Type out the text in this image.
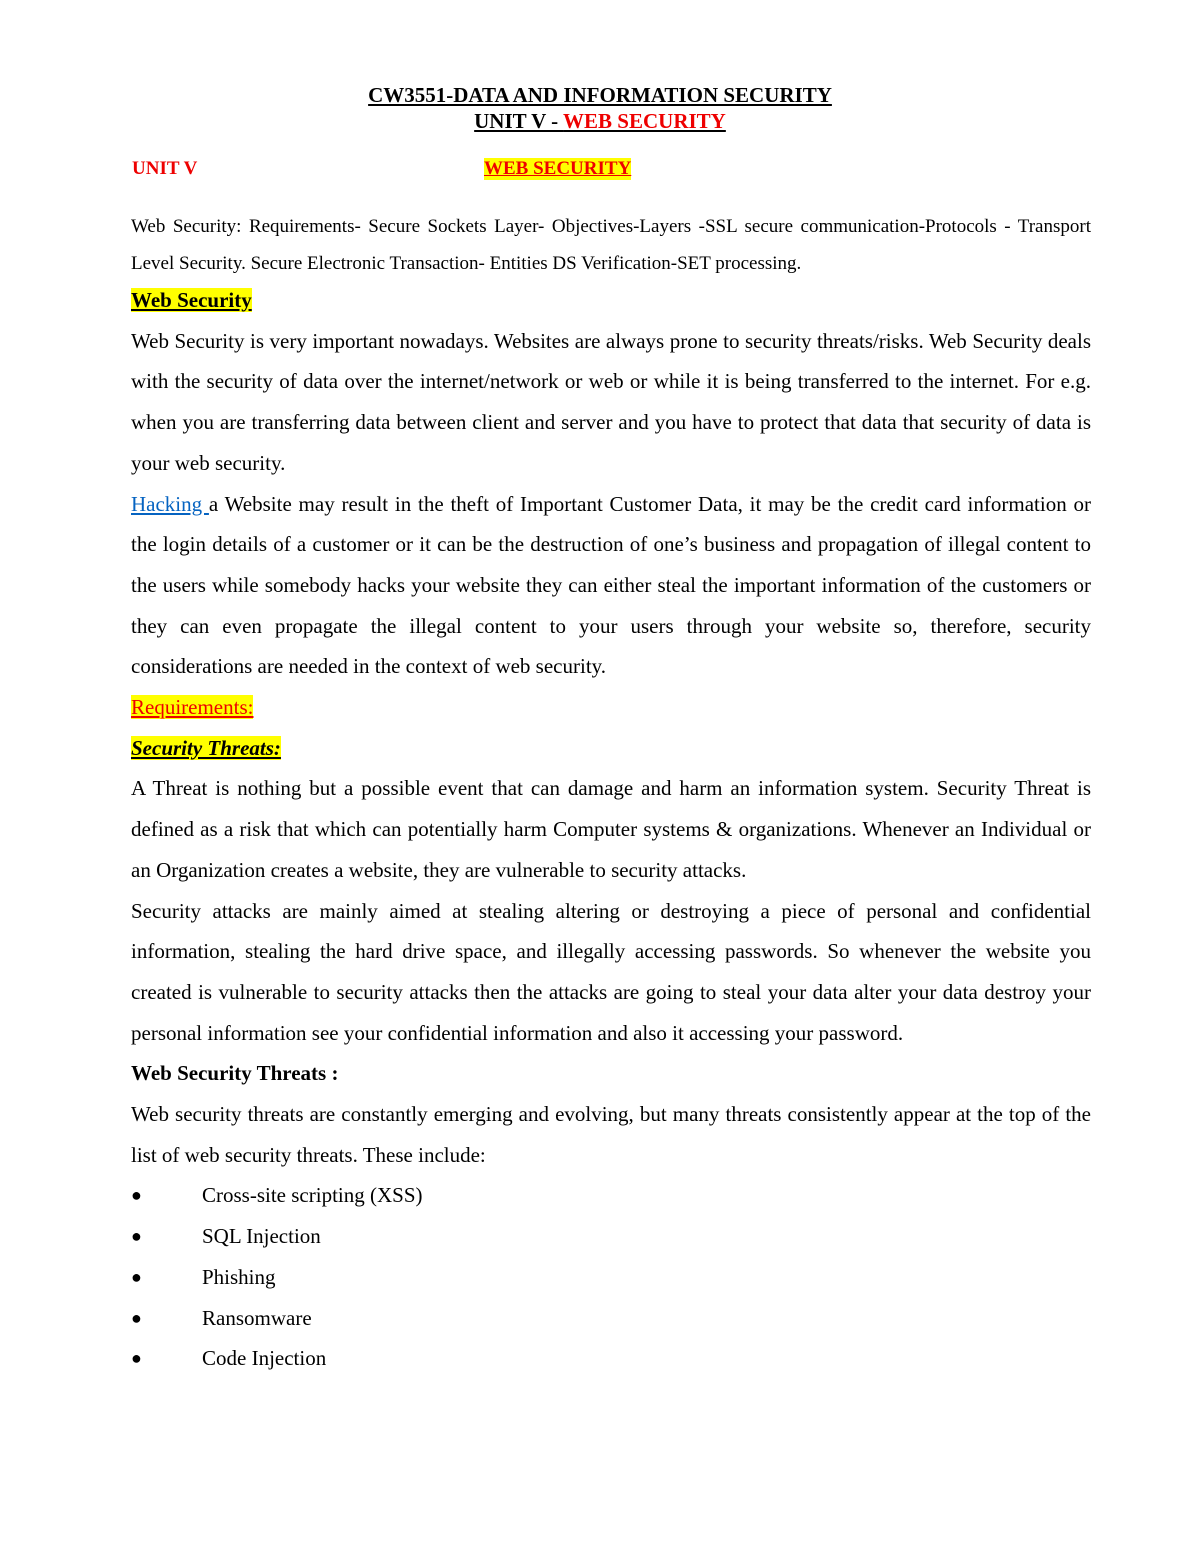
CW3551-DATA AND INFORMATION SECURITY
UNIT V - WEB SECURITY
UNIT V	WEB SECURITY
Web Security: Requirements- Secure Sockets Layer- Objectives-Layers -SSL secure communication-Protocols - Transport Level Security. Secure Electronic Transaction- Entities DS Verification-SET processing.

Web Security

Web Security is very important nowadays. Websites are always prone to security threats/risks. Web Security deals with the security of data over the internet/network or web or while it is being transferred to the internet. For e.g. when you are transferring data between client and server and you have to protect that data that security of data is your web security.

Hacking a Website may result in the theft of Important Customer Data, it may be the credit card information or the login details of a customer or it can be the destruction of one’s business and propagation of illegal content to the users while somebody hacks your website they can either steal the important information of the customers or they can even propagate the illegal content to your users through your website so, therefore, security considerations are needed in the context of web security.

Requirements:

Security Threats:

A Threat is nothing but a possible event that can damage and harm an information system. Security Threat is defined as a risk that which can potentially harm Computer systems & organizations. Whenever an Individual or an Organization creates a website, they are vulnerable to security attacks.

Security attacks are mainly aimed at stealing altering or destroying a piece of personal and confidential information, stealing the hard drive space, and illegally accessing passwords. So whenever the website you created is vulnerable to security attacks then the attacks are going to steal your data alter your data destroy your personal information see your confidential information and also it accessing your password.

Web Security Threats :

Web security threats are constantly emerging and evolving, but many threats consistently appear at the top of the list of web security threats. These include:

●	Cross-site scripting (XSS)
●	SQL Injection
●	Phishing
●	Ransomware
●	Code Injection
